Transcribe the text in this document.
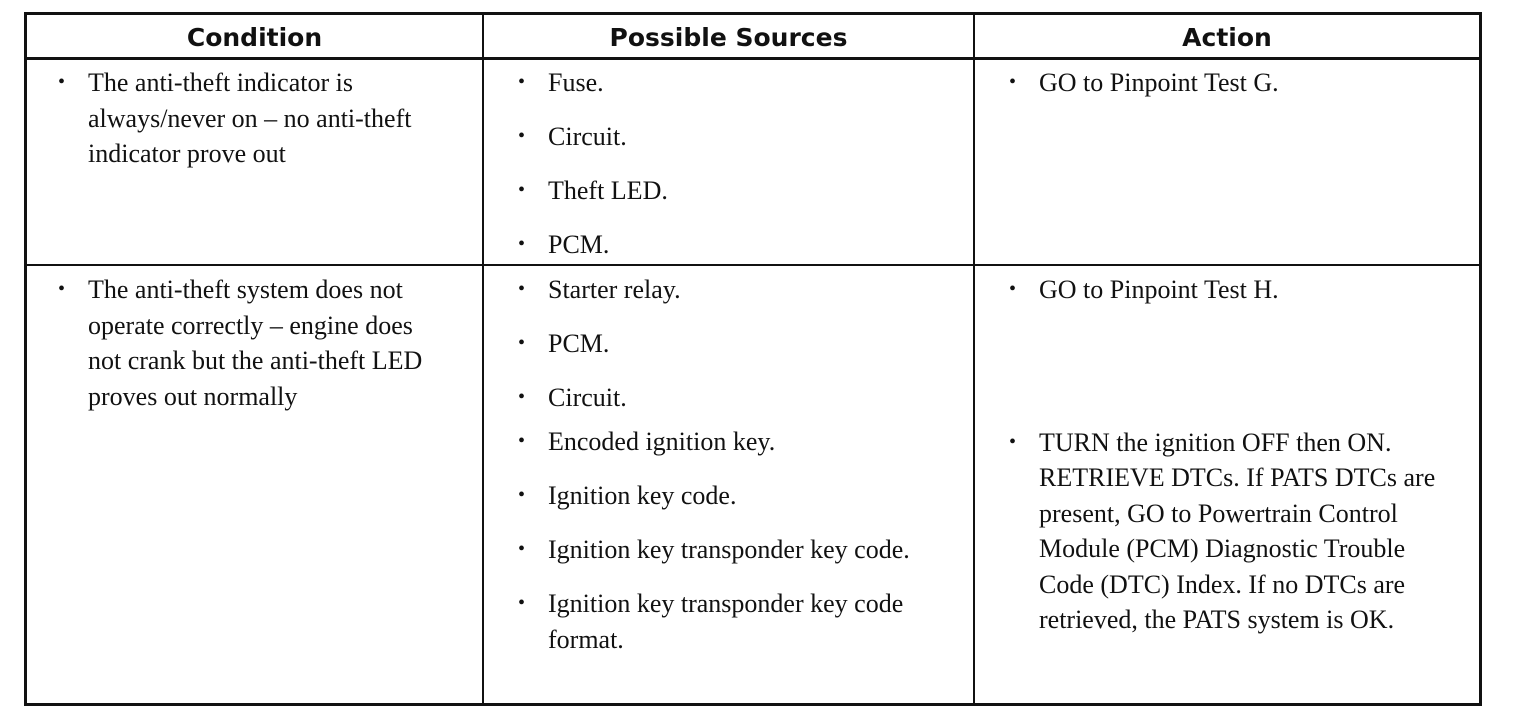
Condition	Possible Sources	Action
• The anti-theft indicator is always/never on – no anti-theft indicator prove out
• Fuse.
• Circuit.
• Theft LED.
• PCM.
• GO to Pinpoint Test G.
• The anti-theft system does not operate correctly – engine does not crank but the anti-theft LED proves out normally
• Starter relay.
• PCM.
• Circuit.
• Encoded ignition key.
• Ignition key code.
• Ignition key transponder key code.
• Ignition key transponder key code format.
• GO to Pinpoint Test H.
• TURN the ignition OFF then ON. RETRIEVE DTCs. If PATS DTCs are present, GO to Powertrain Control Module (PCM) Diagnostic Trouble Code (DTC) Index. If no DTCs are retrieved, the PATS system is OK.
